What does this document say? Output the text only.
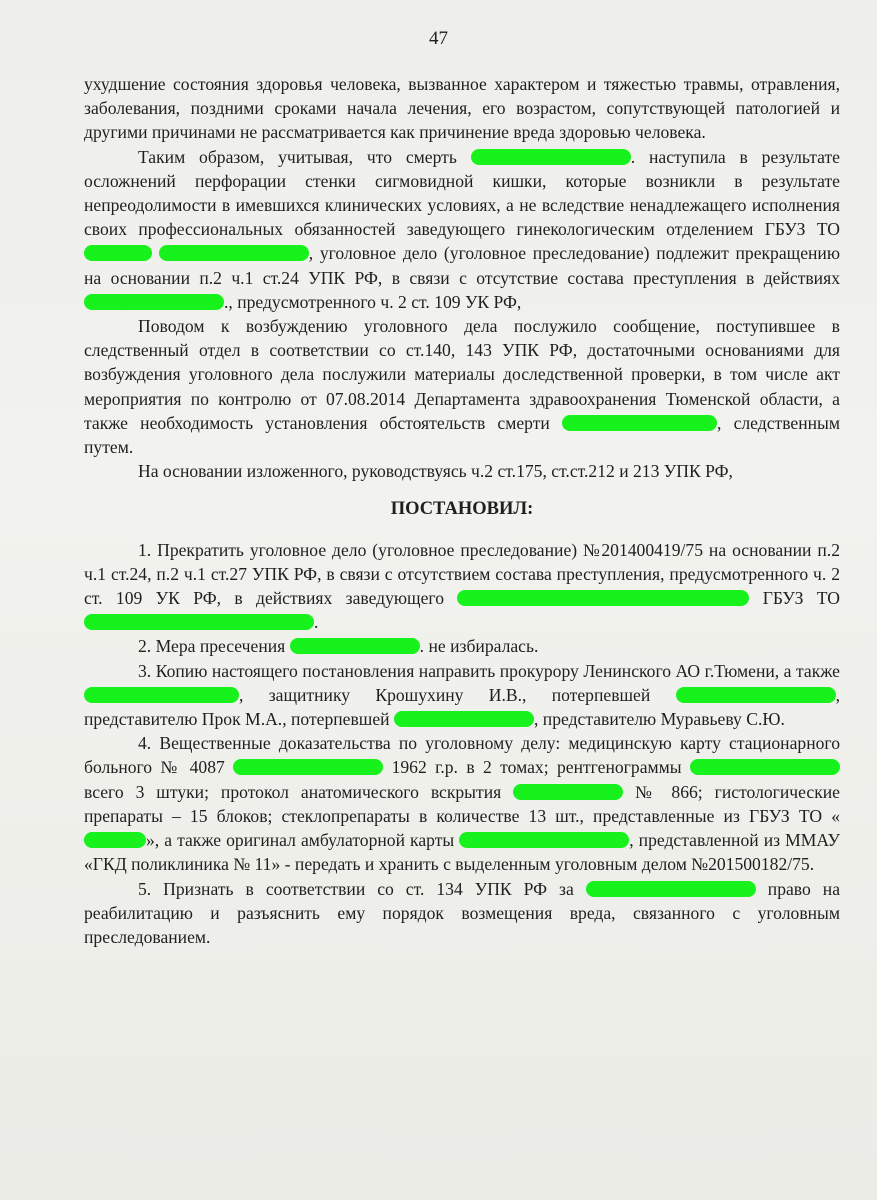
47

ухудшение состояния здоровья человека, вызванное характером и тяжестью травмы, отравления, заболевания, поздними сроками начала лечения, его возрастом, сопутствующей патологией и другими причинами не рассматривается как причинение вреда здоровью человека.

Таким образом, учитывая, что смерть	. наступила в результате осложнений перфорации стенки сигмовидной кишки, которые возникли в результате непреодолимости в имевшихся клинических условиях, а не вследствие ненадлежащего исполнения своих профессиональных обязанностей заведующего гинекологическим отделением ГБУЗ ТО  , уголовное дело (уголовное преследование) подлежит прекращению на основании п.2 ч.1 ст.24 УПК РФ, в связи с отсутствие состава преступления в действиях ., предусмотренного ч. 2 ст. 109 УК РФ,

Поводом к возбуждению уголовного дела послужило сообщение, поступившее в следственный отдел в соответствии со ст.140, 143 УПК РФ, достаточными основаниями для возбуждения уголовного дела послужили материалы доследственной проверки, в том числе акт мероприятия по контролю от 07.08.2014 Департамента здравоохранения Тюменской области, а также необходимость установления обстоятельств смерти	, следственным путем.

На основании изложенного, руководствуясь ч.2 ст.175, ст.ст.212 и 213 УПК РФ,

ПОСТАНОВИЛ:

1. Прекратить уголовное дело (уголовное преследование) №201400419/75 на основании п.2 ч.1 ст.24, п.2 ч.1 ст.27 УПК РФ, в связи с отсутствием состава преступления, предусмотренного ч. 2 ст. 109 УК РФ, в действиях заведующего	ГБУЗ ТО .

2. Мера пресечения	. не избиралась.

3. Копию настоящего постановления направить прокурору Ленинского АО г.Тюмени, а также , защитнику Крошухину И.В., потерпевшей	, представителю Прок М.А., потерпевшей	, представителю Муравьеву С.Ю.

4. Вещественные доказательства по уголовному делу: медицинскую карту стационарного больного № 4087	1962 г.р. в 2 томах; рентгенограммы  всего 3 штуки; протокол анатомического вскрытия	№ 866; гистологические препараты – 15 блоков; стеклопрепараты в количестве 13 шт., представленные из ГБУЗ ТО «», а также оригинал амбулаторной карты	, представленной из ММАУ «ГКД поликлиника № 11» - передать и хранить с выделенным уголовным делом №201500182/75.

5. Признать в соответствии со ст. 134 УПК РФ за	право на реабилитацию и разъяснить ему порядок возмещения вреда, связанного с уголовным преследованием.
